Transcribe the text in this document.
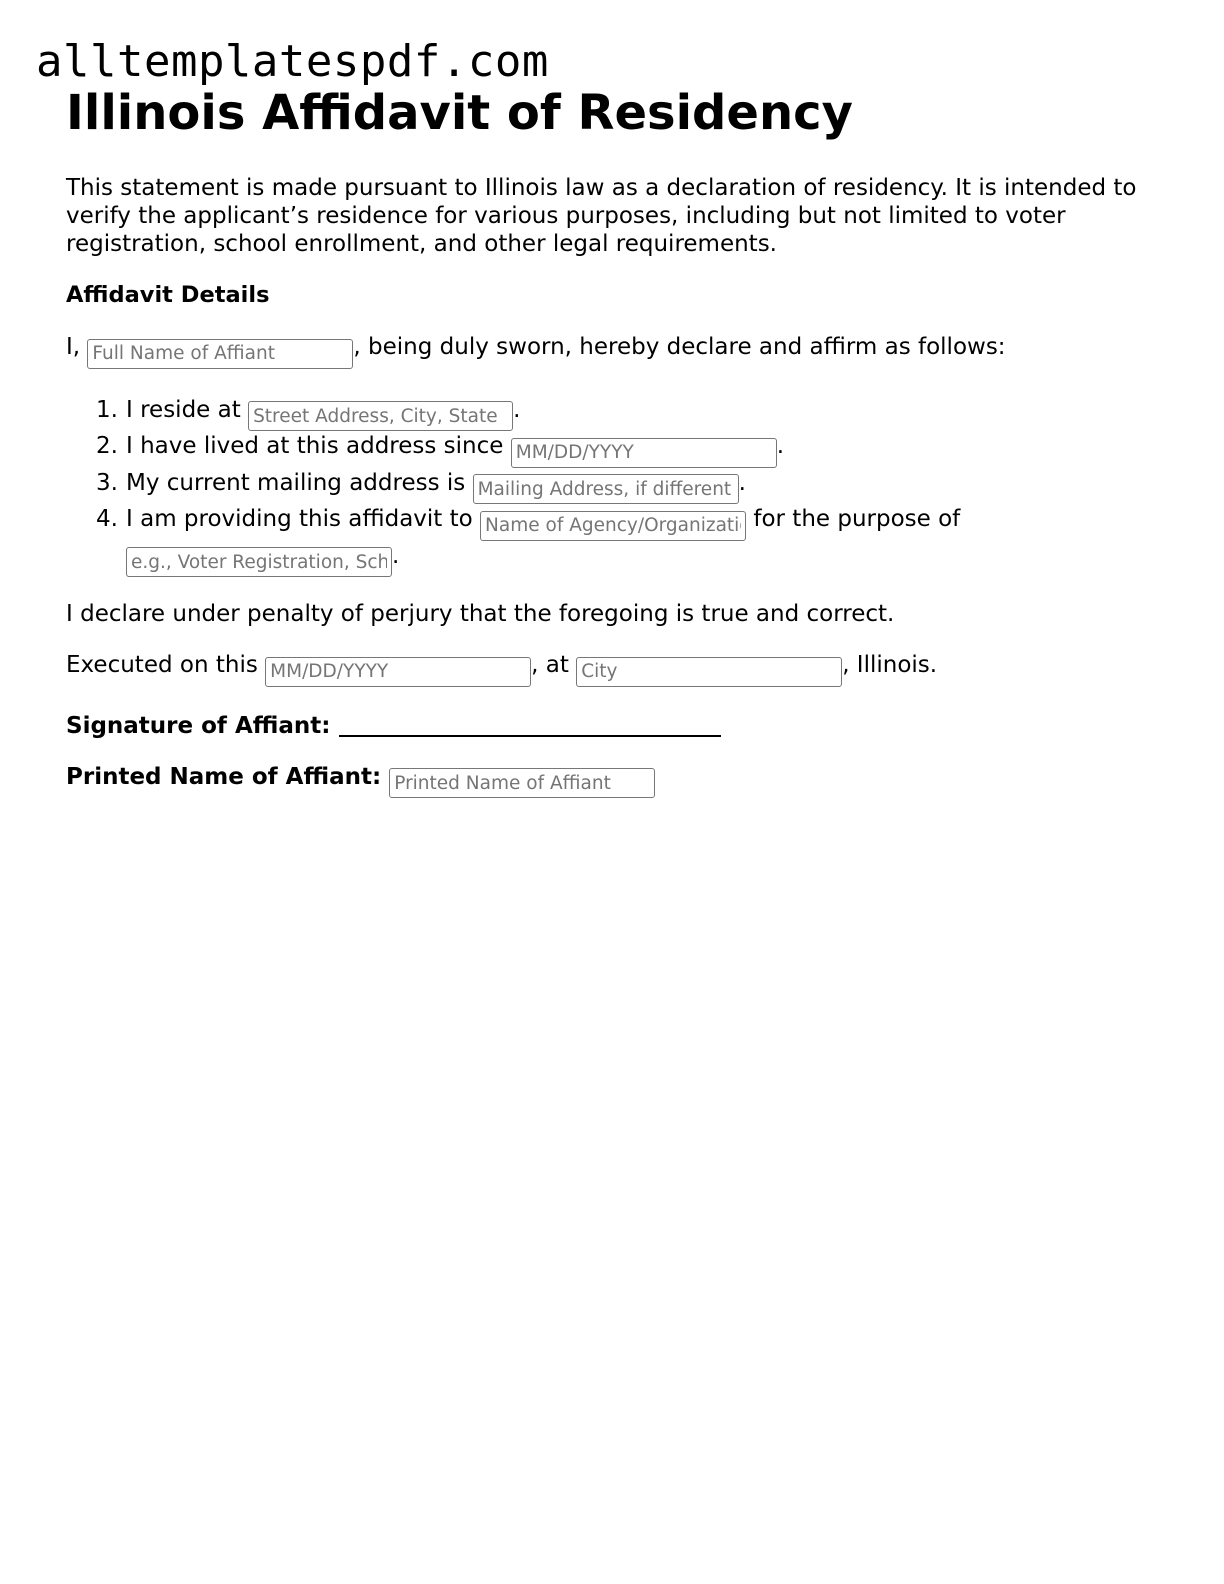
alltemplatespdf.com
Illinois Affidavit of Residency

This statement is made pursuant to Illinois law as a declaration of residency. It is intended to verify the applicant’s residence for various purposes, including but not limited to voter registration, school enrollment, and other legal requirements.

Affidavit Details
I, Full Name of Affiant	, being duly sworn, hereby declare and affirm as follows:
1. I reside at Street Address, City, State	.
2. I have lived at this address since MM/DD/YYYY	.
3. My current mailing address is Mailing Address, if different	.
4. I am providing this affidavit to Name of Agency/Organization	for the purpose of
e.g., Voter Registration, School Enrollment.
I declare under penalty of perjury that the foregoing is true and correct.
Executed on this MM/DD/YYYY	, at City	, Illinois.
Signature of Affiant:
Printed Name of Affiant: Printed Name of Affiant
